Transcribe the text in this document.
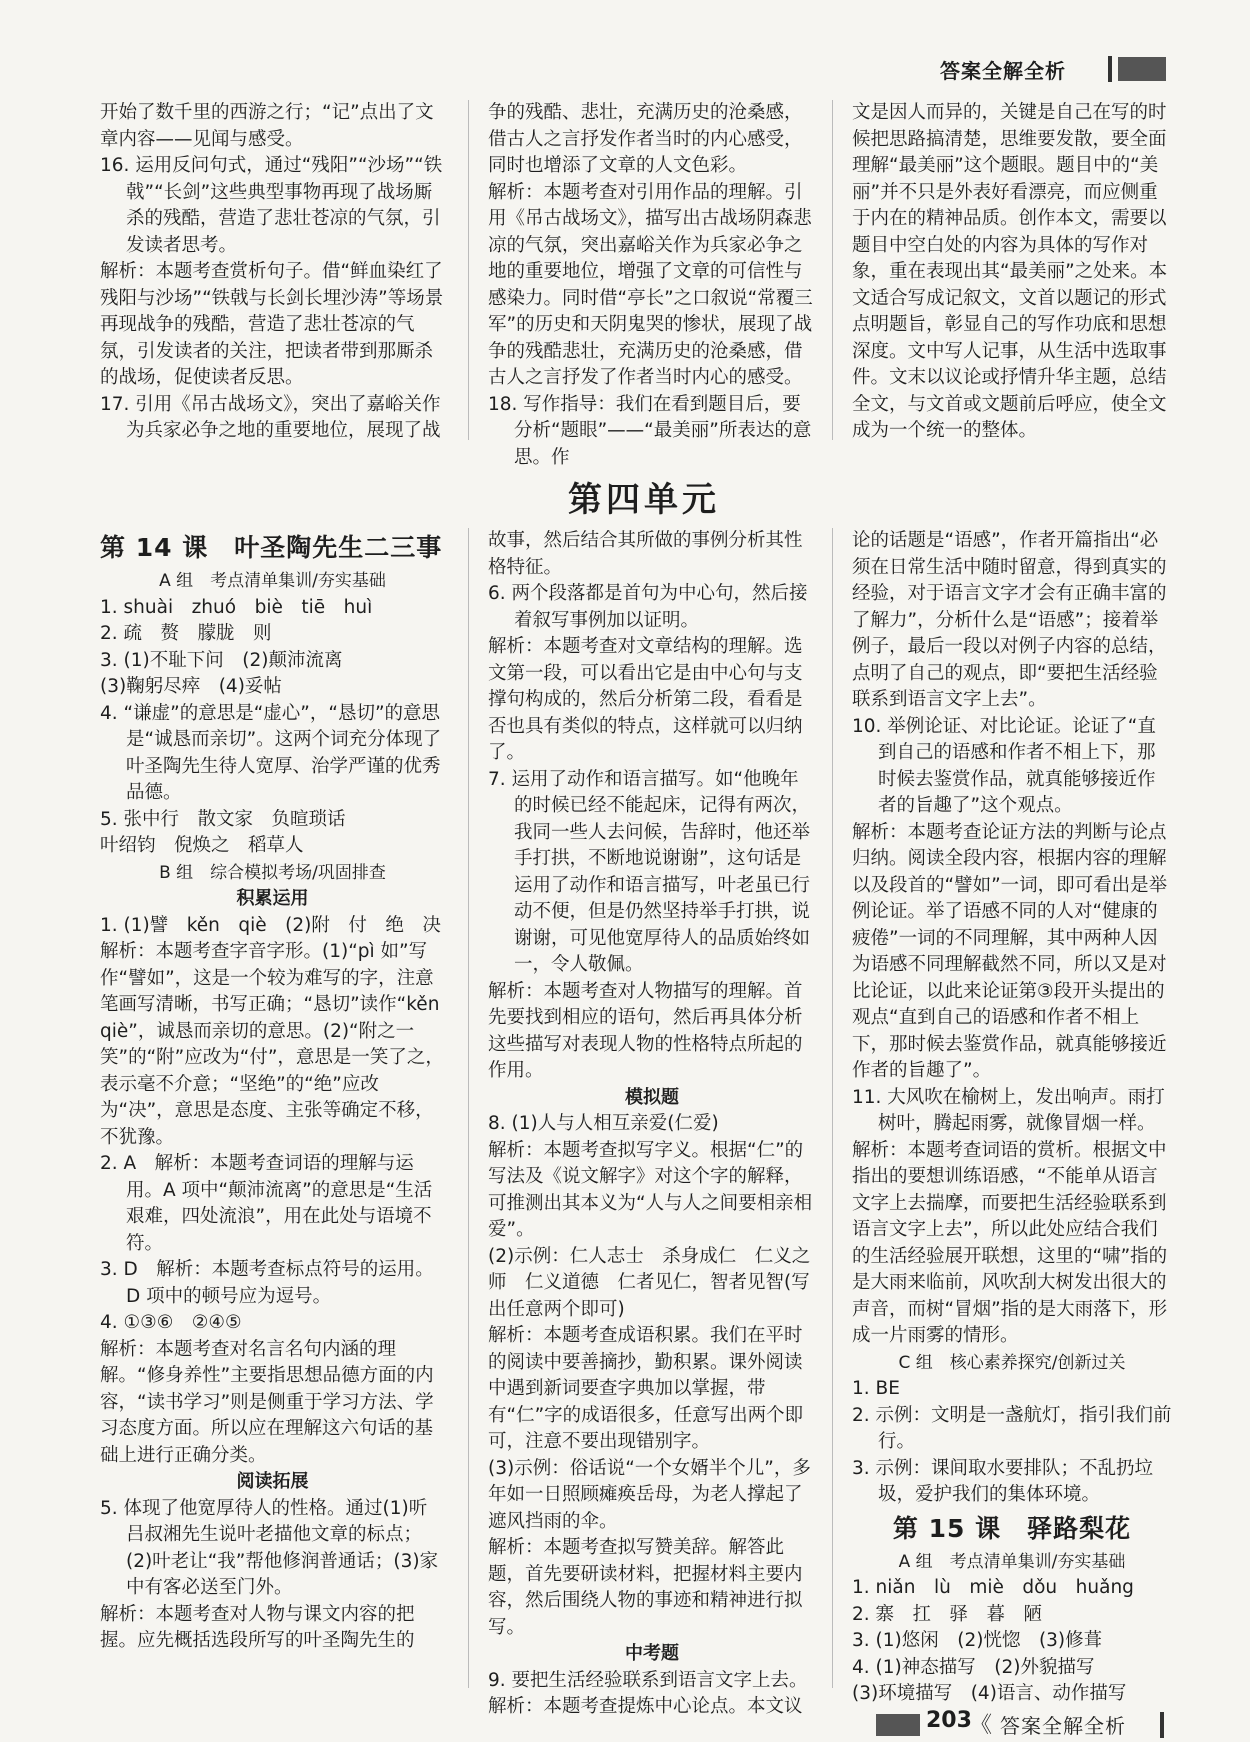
答案全解全析

开始了数千里的西游之行；“记”点出了文章内容——见闻与感受。

16. 运用反问句式，通过“残阳”“沙场”“铁戟”“长剑”这些典型事物再现了战场厮杀的残酷，营造了悲壮苍凉的气氛，引发读者思考。

解析：本题考查赏析句子。借“鲜血染红了残阳与沙场”“铁戟与长剑长埋沙涛”等场景再现战争的残酷，营造了悲壮苍凉的气氛，引发读者的关注，把读者带到那厮杀的战场，促使读者反思。

17. 引用《吊古战场文》，突出了嘉峪关作为兵家必争之地的重要地位，展现了战

争的残酷、悲壮，充满历史的沧桑感，借古人之言抒发作者当时的内心感受，同时也增添了文章的人文色彩。

解析：本题考查对引用作品的理解。引用《吊古战场文》，描写出古战场阴森悲凉的气氛，突出嘉峪关作为兵家必争之地的重要地位，增强了文章的可信性与感染力。同时借“亭长”之口叙说“常覆三军”的历史和天阴鬼哭的惨状，展现了战争的残酷悲壮，充满历史的沧桑感，借古人之言抒发了作者当时内心的感受。

18. 写作指导：我们在看到题目后，要分析“题眼”——“最美丽”所表达的意思。作

文是因人而异的，关键是自己在写的时候把思路搞清楚，思维要发散，要全面理解“最美丽”这个题眼。题目中的“美丽”并不只是外表好看漂亮，而应侧重于内在的精神品质。创作本文，需要以题目中空白处的内容为具体的写作对象，重在表现出其“最美丽”之处来。本文适合写成记叙文，文首以题记的形式点明题旨，彰显自己的写作功底和思想深度。文中写人记事，从生活中选取事件。文末以议论或抒情升华主题，总结全文，与文首或文题前后呼应，使全文成为一个统一的整体。

第四单元

第 14 课　叶圣陶先生二三事

A 组　考点清单集训/夯实基础

1. shuài　zhuó　biè　tiē　huì

2. 疏　赘　朦胧　则

3. (1)不耻下问　(2)颠沛流离

(3)鞠躬尽瘁　(4)妥帖

4. “谦虚”的意思是“虚心”，“恳切”的意思是“诚恳而亲切”。这两个词充分体现了叶圣陶先生待人宽厚、治学严谨的优秀品德。

5. 张中行　散文家　负暄琐话

叶绍钧　倪焕之　稻草人

B 组　综合模拟考场/巩固排查

积累运用

1. (1)譬　kěn　qiè　(2)附　付　绝　决

解析：本题考查字音字形。(1)“pì 如”写作“譬如”，这是一个较为难写的字，注意笔画写清晰，书写正确；“恳切”读作“kěn qiè”，诚恳而亲切的意思。(2)“附之一笑”的“附”应改为“付”，意思是一笑了之，表示毫不介意；“坚绝”的“绝”应改为“决”，意思是态度、主张等确定不移，不犹豫。

2. A　解析：本题考查词语的理解与运用。A 项中“颠沛流离”的意思是“生活艰难，四处流浪”，用在此处与语境不符。

3. D　解析：本题考查标点符号的运用。D 项中的顿号应为逗号。

4. ①③⑥　②④⑤

解析：本题考查对名言名句内涵的理解。“修身养性”主要指思想品德方面的内容，“读书学习”则是侧重于学习方法、学习态度方面。所以应在理解这六句话的基础上进行正确分类。

阅读拓展

5. 体现了他宽厚待人的性格。通过(1)听吕叔湘先生说叶老描他文章的标点；(2)叶老让“我”帮他修润普通话；(3)家中有客必送至门外。

解析：本题考查对人物与课文内容的把握。应先概括选段所写的叶圣陶先生的

故事，然后结合其所做的事例分析其性格特征。

6. 两个段落都是首句为中心句，然后接着叙写事例加以证明。

解析：本题考查对文章结构的理解。选文第一段，可以看出它是由中心句与支撑句构成的，然后分析第二段，看看是否也具有类似的特点，这样就可以归纳了。

7. 运用了动作和语言描写。如“他晚年的时候已经不能起床，记得有两次，我同一些人去问候，告辞时，他还举手打拱，不断地说谢谢”，这句话是运用了动作和语言描写，叶老虽已行动不便，但是仍然坚持举手打拱，说谢谢，可见他宽厚待人的品质始终如一，令人敬佩。

解析：本题考查对人物描写的理解。首先要找到相应的语句，然后再具体分析这些描写对表现人物的性格特点所起的作用。

模拟题

8. (1)人与人相互亲爱(仁爱)

解析：本题考查拟写字义。根据“仁”的写法及《说文解字》对这个字的解释，可推测出其本义为“人与人之间要相亲相爱”。

(2)示例：仁人志士　杀身成仁　仁义之师　仁义道德　仁者见仁，智者见智(写出任意两个即可)

解析：本题考查成语积累。我们在平时的阅读中要善摘抄，勤积累。课外阅读中遇到新词要查字典加以掌握，带有“仁”字的成语很多，任意写出两个即可，注意不要出现错别字。

(3)示例：俗话说“一个女婿半个儿”，多年如一日照顾瘫痪岳母，为老人撑起了遮风挡雨的伞。

解析：本题考查拟写赞美辞。解答此题，首先要研读材料，把握材料主要内容，然后围绕人物的事迹和精神进行拟写。

中考题

9. 要把生活经验联系到语言文字上去。

解析：本题考查提炼中心论点。本文议

论的话题是“语感”，作者开篇指出“必须在日常生活中随时留意，得到真实的经验，对于语言文字才会有正确丰富的了解力”，分析什么是“语感”；接着举例子，最后一段以对例子内容的总结，点明了自己的观点，即“要把生活经验联系到语言文字上去”。

10. 举例论证、对比论证。论证了“直到自己的语感和作者不相上下，那时候去鉴赏作品，就真能够接近作者的旨趣了”这个观点。

解析：本题考查论证方法的判断与论点归纳。阅读全段内容，根据内容的理解以及段首的“譬如”一词，即可看出是举例论证。举了语感不同的人对“健康的疲倦”一词的不同理解，其中两种人因为语感不同理解截然不同，所以又是对比论证，以此来论证第③段开头提出的观点“直到自己的语感和作者不相上下，那时候去鉴赏作品，就真能够接近作者的旨趣了”。

11. 大风吹在榆树上，发出响声。雨打树叶，腾起雨雾，就像冒烟一样。

解析：本题考查词语的赏析。根据文中指出的要想训练语感，“不能单从语言文字上去揣摩，而要把生活经验联系到语言文字上去”，所以此处应结合我们的生活经验展开联想，这里的“啸”指的是大雨来临前，风吹刮大树发出很大的声音，而树“冒烟”指的是大雨落下，形成一片雨雾的情形。

C 组　核心素养探究/创新过关

1. BE

2. 示例：文明是一盏航灯，指引我们前行。

3. 示例：课间取水要排队；不乱扔垃圾，爱护我们的集体环境。

第 15 课　驿路梨花

A 组　考点清单集训/夯实基础

1. niǎn　lù　miè　dǒu　huǎng

2. 寨　扛　驿　暮　陋

3. (1)悠闲　(2)恍惚　(3)修葺

4. (1)神态描写　(2)外貌描写

(3)环境描写　(4)语言、动作描写

203
《 答案全解全析
